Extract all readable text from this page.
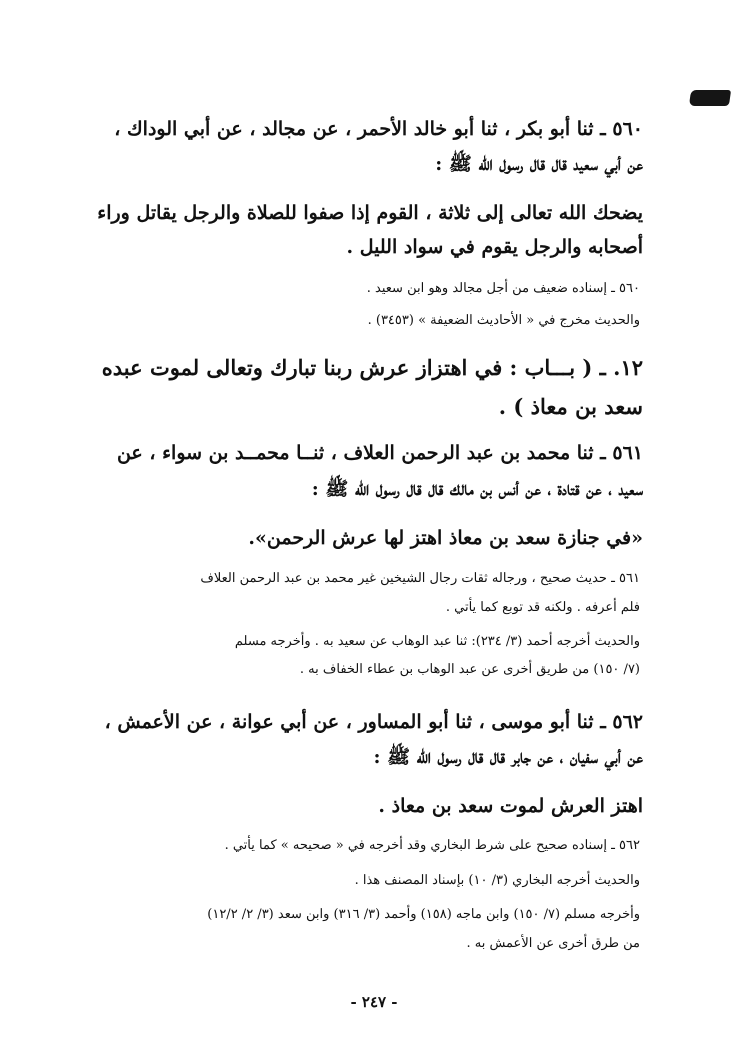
٥٦٠ ـ ثنا أبو بكر ، ثنا أبو خالد الأحمر ، عن مجالد ، عن أبي الوداك ،
عن أبي سعيد قال قال رسول الله ﷺ :
يضحك الله تعالى إلى ثلاثة ، القوم إذا صفوا للصلاة والرجل يقاتل وراء
أصحابه والرجل يقوم في سواد الليل .
٥٦٠ ـ إسناده ضعيف من أجل مجالد وهو ابن سعيد .
والحديث مخرج في « الأحاديث الضعيفة » (٣٤٥٣) .
١٢. ـ ( بـــاب : في اهتزاز عرش ربنا تبارك وتعالى لموت عبده
سعد بن معاذ ) .
٥٦١ ـ ثنا محمد بن عبد الرحمن العلاف ، ثنــا محمــد بن سواء ، عن
سعيد ، عن قتادة ، عن أنس بن مالك قال قال رسول الله ﷺ :
«في جنازة سعد بن معاذ اهتز لها عرش الرحمن».
٥٦١ ـ حديث صحيح ، ورجاله ثقات رجال الشيخين غير محمد بن عبد الرحمن العلاف
فلم أعرفه . ولكنه قد توبع كما يأتي .
والحديث أخرجه أحمد (٣/ ٢٣٤): ثنا عبد الوهاب عن سعيد به . وأخرجه مسلم
(٧/ ١٥٠) من طريق أخرى عن عبد الوهاب بن عطاء الخفاف به .
٥٦٢ ـ ثنا أبو موسى ، ثنا أبو المساور ، عن أبي عوانة ، عن الأعمش ،
عن أبي سفيان ، عن جابر قال قال رسول الله ﷺ :
اهتز العرش لموت سعد بن معاذ .
٥٦٢ ـ إسناده صحيح على شرط البخاري وقد أخرجه في « صحيحه » كما يأتي .
والحديث أخرجه البخاري (٣/ ١٠) بإسناد المصنف هذا .
وأخرجه مسلم (٧/ ١٥٠) وابن ماجه (١٥٨) وأحمد (٣/ ٣١٦) وابن سعد (٣/ ٢/ ١٢/٢)
من طرق أخرى عن الأعمش به .
- ٢٤٧ -
